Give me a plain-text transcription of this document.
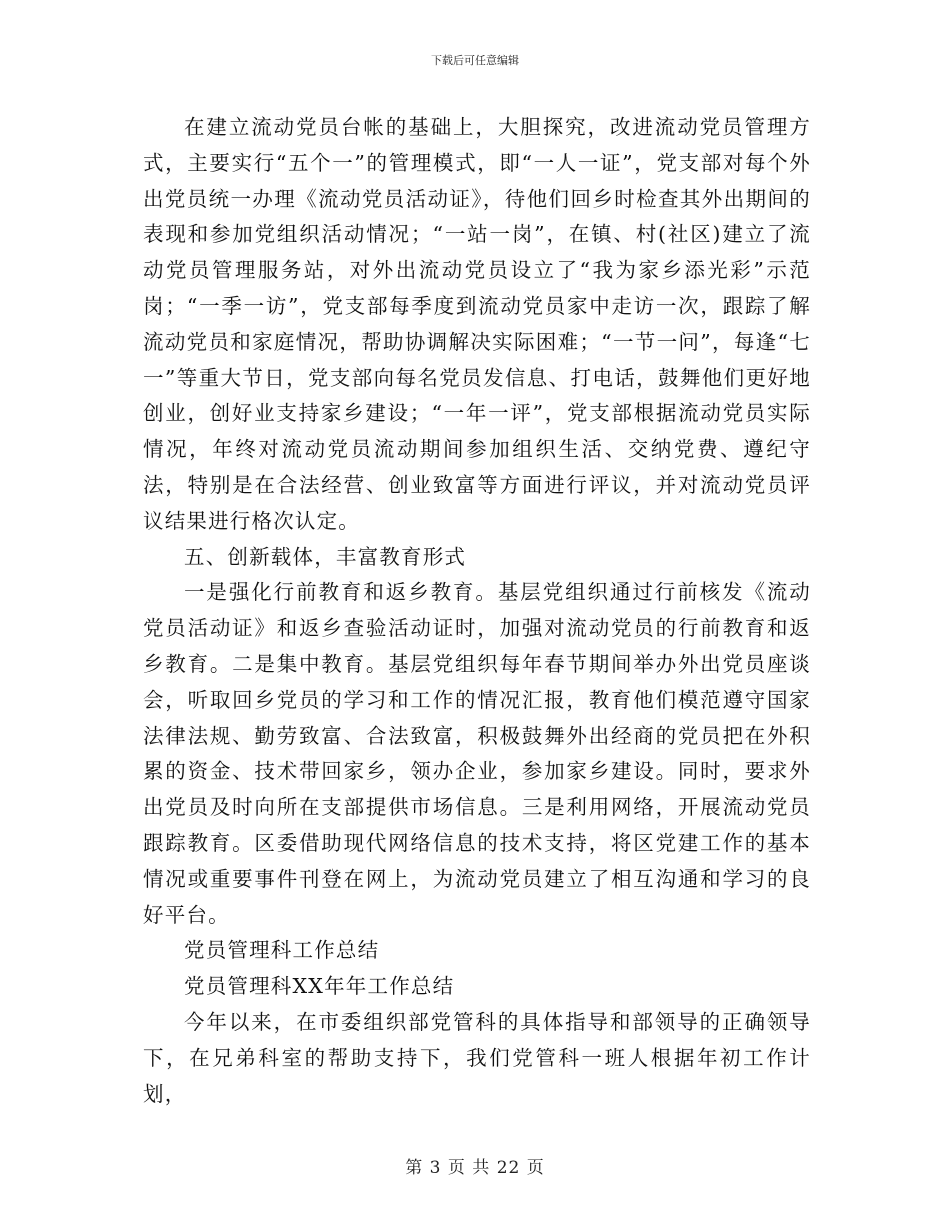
下载后可任意编辑

在建立流动党员台帐的基础上，大胆探究，改进流动党员管理方式，主要实行“五个一”的管理模式，即“一人一证”，党支部对每个外出党员统一办理《流动党员活动证》，待他们回乡时检查其外出期间的表现和参加党组织活动情况；“一站一岗”，在镇、村(社区)建立了流动党员管理服务站，对外出流动党员设立了“我为家乡添光彩”示范岗；“一季一访”，党支部每季度到流动党员家中走访一次，跟踪了解流动党员和家庭情况，帮助协调解决实际困难；“一节一问”，每逢“七一”等重大节日，党支部向每名党员发信息、打电话，鼓舞他们更好地创业，创好业支持家乡建设；“一年一评”，党支部根据流动党员实际情况，年终对流动党员流动期间参加组织生活、交纳党费、遵纪守法，特别是在合法经营、创业致富等方面进行评议，并对流动党员评议结果进行格次认定。

五、创新载体，丰富教育形式

一是强化行前教育和返乡教育。基层党组织通过行前核发《流动党员活动证》和返乡查验活动证时，加强对流动党员的行前教育和返乡教育。二是集中教育。基层党组织每年春节期间举办外出党员座谈会，听取回乡党员的学习和工作的情况汇报，教育他们模范遵守国家法律法规、勤劳致富、合法致富，积极鼓舞外出经商的党员把在外积累的资金、技术带回家乡，领办企业，参加家乡建设。同时，要求外出党员及时向所在支部提供市场信息。三是利用网络，开展流动党员跟踪教育。区委借助现代网络信息的技术支持，将区党建工作的基本情况或重要事件刊登在网上，为流动党员建立了相互沟通和学习的良好平台。

党员管理科工作总结

党员管理科XX年年工作总结

今年以来，在市委组织部党管科的具体指导和部领导的正确领导下，在兄弟科室的帮助支持下，我们党管科一班人根据年初工作计划，

第 3 页 共 22 页
